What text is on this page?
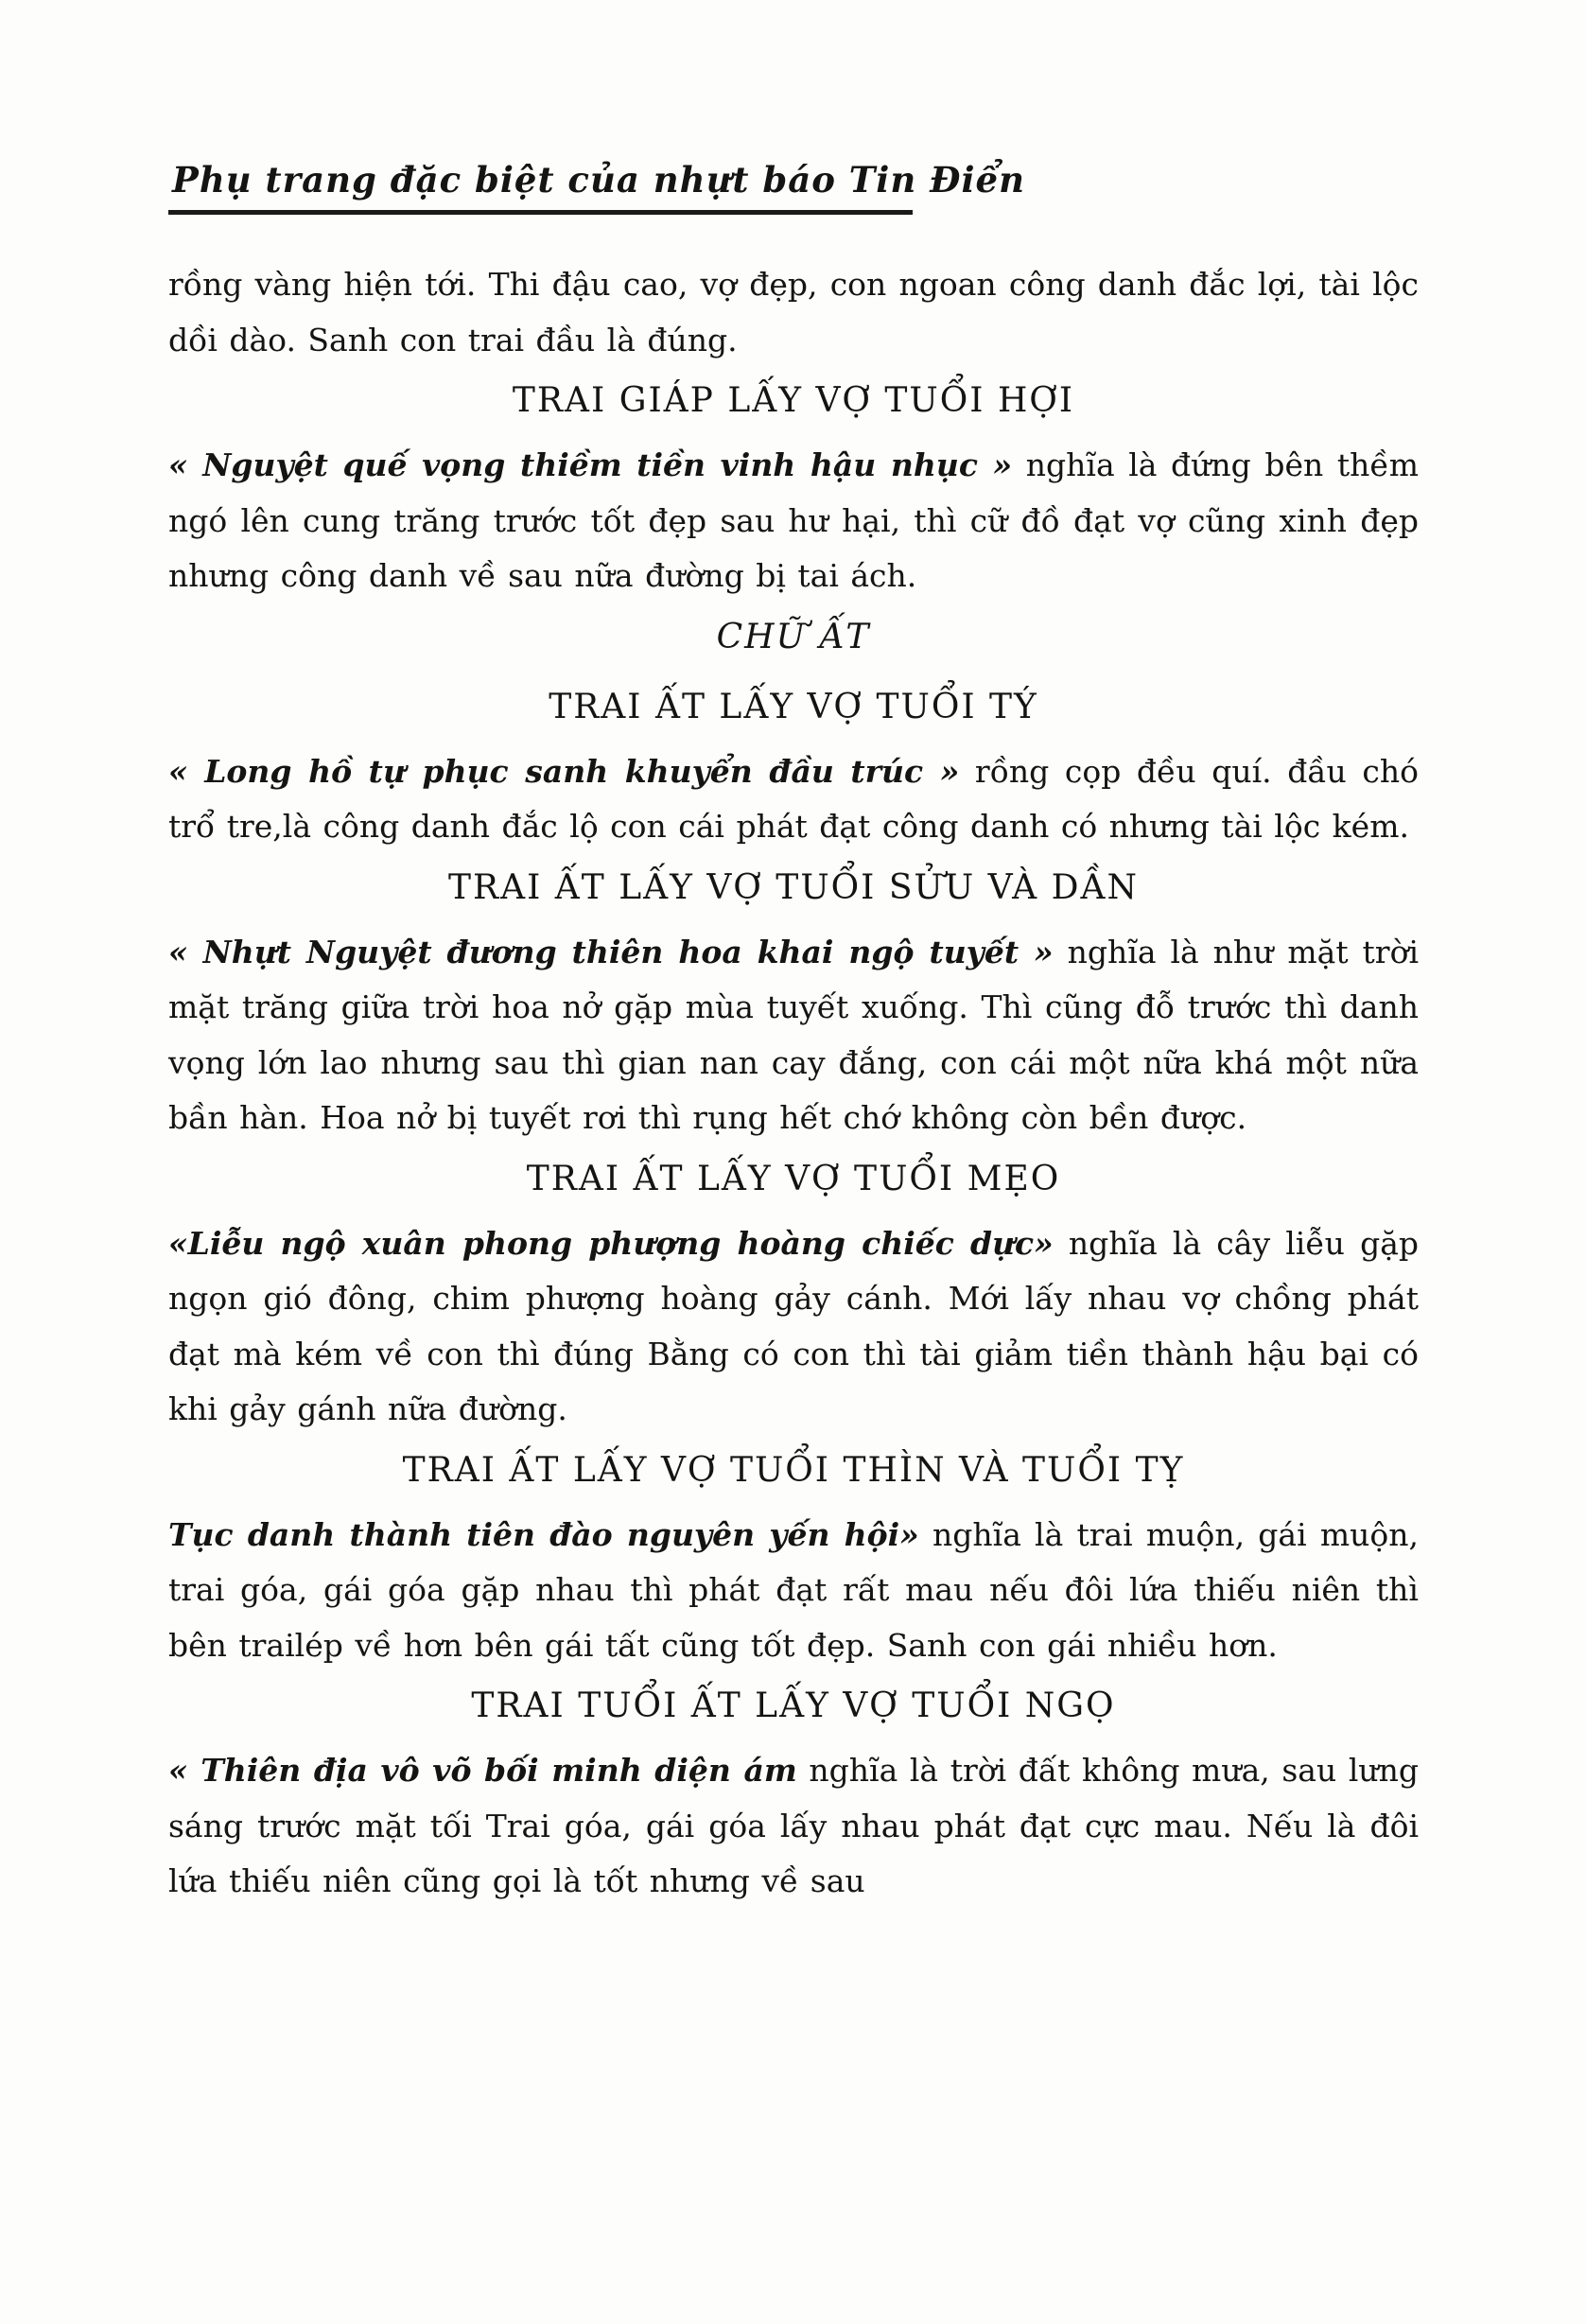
Phụ trang đặc biệt của nhựt báo Tin Điển

rồng vàng hiện tới. Thi đậu cao, vợ đẹp, con ngoan công danh đắc lợi, tài lộc dồi dào. Sanh con trai đầu là đúng.

TRAI GIÁP LẤY VỢ TUỔI HỢI

« Nguyệt quế vọng thiềm tiền vinh hậu nhục » nghĩa là đứng bên thềm ngó lên cung trăng trước tốt đẹp sau hư hại, thì cữ đồ đạt vợ cũng xinh đẹp nhưng công danh về sau nữa đường bị tai ách.

CHỮ ẤT
TRAI ẤT LẤY VỢ TUỔI TÝ

« Long hồ tự phục sanh khuyển đầu trúc » rồng cọp đều quí. đầu chó trổ tre,là công danh đắc lộ con cái phát đạt công danh có nhưng tài lộc kém.

TRAI ẤT LẤY VỢ TUỔI SỬU VÀ DẦN

« Nhựt Nguyệt đương thiên hoa khai ngộ tuyết » nghĩa là như mặt trời mặt trăng giữa trời hoa nở gặp mùa tuyết xuống. Thì cũng đỗ trước thì danh vọng lớn lao nhưng sau thì gian nan cay đắng, con cái một nữa khá một nữa bần hàn. Hoa nở bị tuyết rơi thì rụng hết chớ không còn bền được.

TRAI ẤT LẤY VỢ TUỔI MẸO

«Liễu ngộ xuân phong phượng hoàng chiếc dực» nghĩa là cây liễu gặp ngọn gió đông, chim phượng hoàng gảy cánh. Mới lấy nhau vợ chồng phát đạt mà kém về con thì đúng Bằng có con thì tài giảm tiền thành hậu bại có khi gảy gánh nữa đường.

TRAI ẤT LẤY VỢ TUỔI THÌN VÀ TUỔI TỴ

Tục danh thành tiên đào nguyên yến hội» nghĩa là trai muộn, gái muộn, trai góa, gái góa gặp nhau thì phát đạt rất mau nếu đôi lứa thiếu niên thì bên trailép về hơn bên gái tất cũng tốt đẹp. Sanh con gái nhiều hơn.

TRAI TUỔI ẤT LẤY VỢ TUỔI NGỌ

« Thiên địa vô võ bối minh diện ám nghĩa là trời đất không mưa, sau lưng sáng trước mặt tối Trai góa, gái góa lấy nhau phát đạt cực mau. Nếu là đôi lứa thiếu niên cũng gọi là tốt nhưng về sau
